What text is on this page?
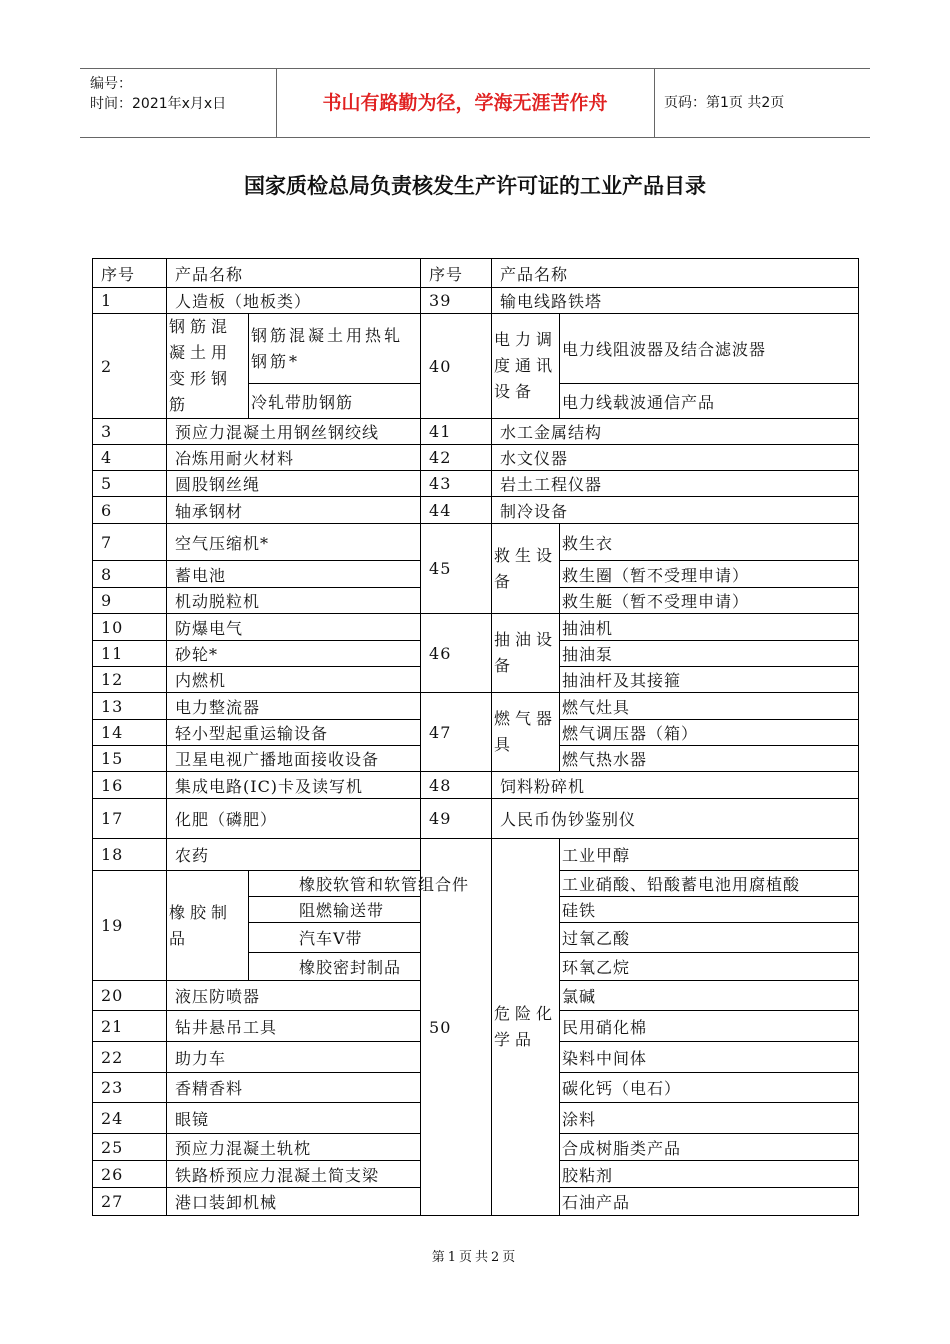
编号：
时间：2021年x月x日	书山有路勤为径，学海无涯苦作舟	页码：第1页 共2页
国家质检总局负责核发生产许可证的工业产品目录
序号	产品名称		序号	产品名称	
1	人造板（地板类）		39	输电线路铁塔	
2	钢筋混凝土用变形钢筋	钢筋混凝土用热轧钢筋*	40	电力调度通讯设备	电力线阻波器及结合滤波器
		冷轧带肋钢筋			电力线载波通信产品
3	预应力混凝土用钢丝钢绞线		41	水工金属结构	
4	冶炼用耐火材料		42	水文仪器	
5	圆股钢丝绳		43	岩土工程仪器	
6	轴承钢材		44	制冷设备	
7	空气压缩机*		45	救生设备	救生衣
8	蓄电池				救生圈（暂不受理申请）
9	机动脱粒机				救生艇（暂不受理申请）
10	防爆电气		46	抽油设备	抽油机
11	砂轮*				抽油泵
12	内燃机				抽油杆及其接箍
13	电力整流器		47	燃气器具	燃气灶具
14	轻小型起重运输设备				燃气调压器（箱）
15	卫星电视广播地面接收设备				燃气热水器
16	集成电路(IC)卡及读写机		48	饲料粉碎机	
17	化肥（磷肥）		49	人民币伪钞鉴别仪	
18	农药		50	危险化学品	工业甲醇
19	橡胶制品	橡胶软管和软管组合件			工业硝酸、铅酸蓄电池用腐植酸
		阻燃输送带			硅铁
		汽车V带			过氧乙酸
		橡胶密封制品			环氧乙烷
20	液压防喷器				氯碱
21	钻井悬吊工具				民用硝化棉
22	助力车				染料中间体
23	香精香料				碳化钙（电石）
24	眼镜				涂料
25	预应力混凝土轨枕				合成树脂类产品
26	铁路桥预应力混凝土简支梁				胶粘剂
27	港口装卸机械				石油产品
第1页共2页
